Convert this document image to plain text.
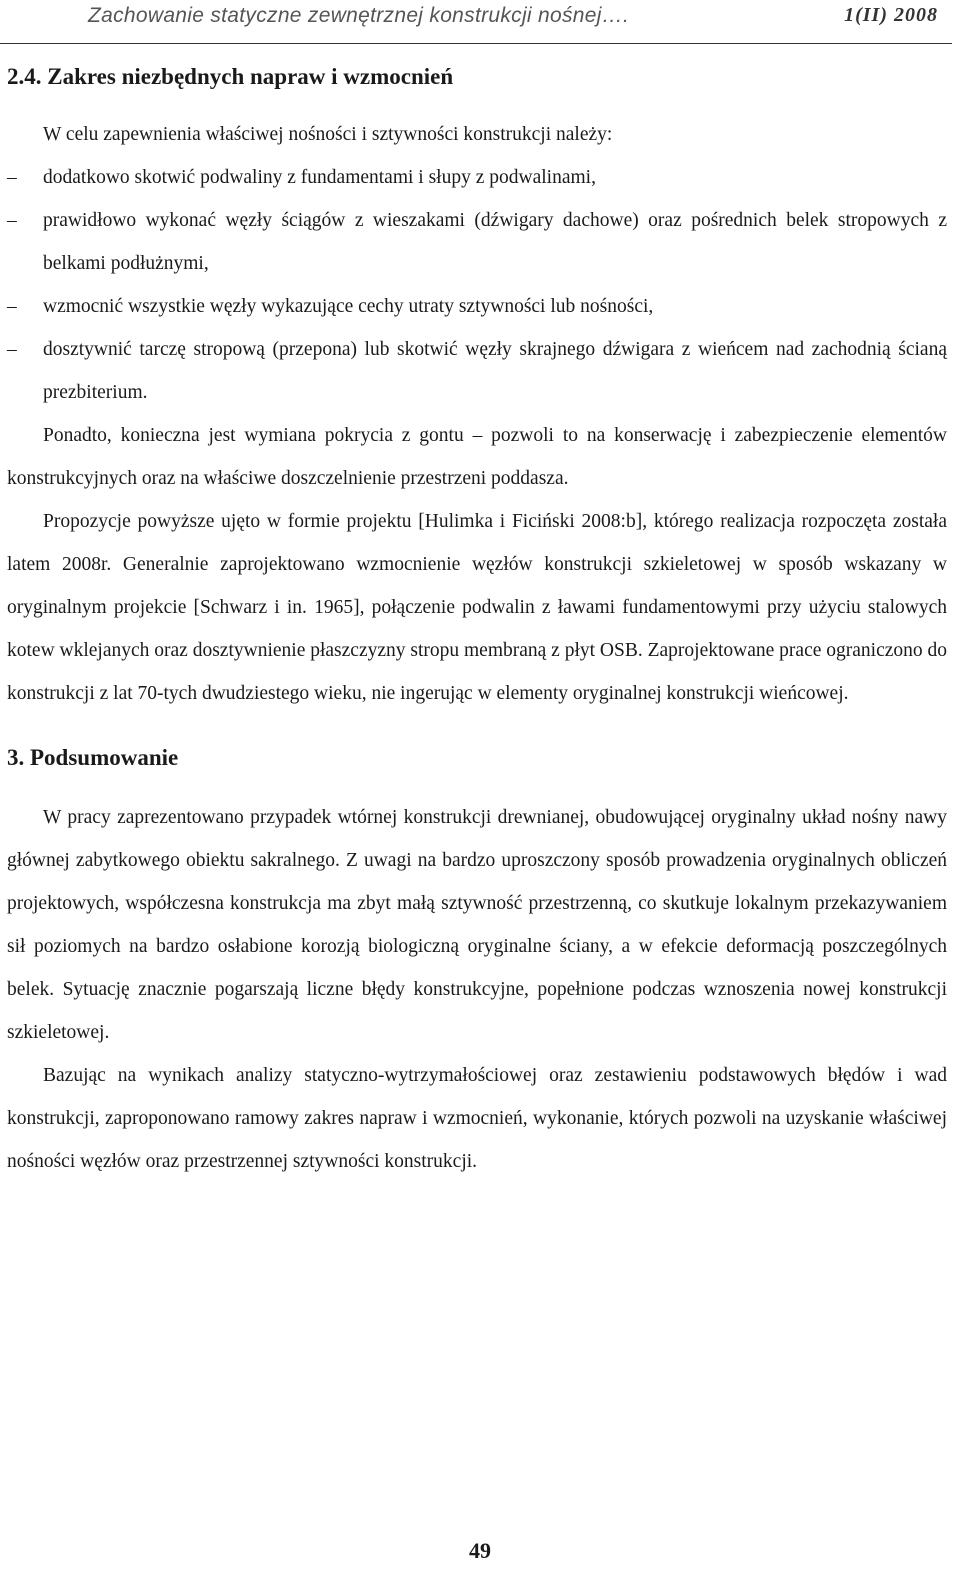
Zachowanie statyczne zewnętrznej konstrukcji nośnej….	1(II) 2008
2.4. Zakres niezbędnych napraw i wzmocnień

W celu zapewnienia właściwej nośności i sztywności konstrukcji należy:

– dodatkowo skotwić podwaliny z fundamentami i słupy z podwalinami,
– prawidłowo wykonać węzły ściągów z wieszakami (dźwigary dachowe) oraz pośrednich belek stropowych z belkami podłużnymi,
– wzmocnić wszystkie węzły wykazujące cechy utraty sztywności lub nośności,
– dosztywnić tarczę stropową (przepona) lub skotwić węzły skrajnego dźwigara z wieńcem nad zachodnią ścianą prezbiterium.

Ponadto, konieczna jest wymiana pokrycia z gontu – pozwoli to na konserwację i zabezpieczenie elementów konstrukcyjnych oraz na właściwe doszczelnienie przestrzeni poddasza.

Propozycje powyższe ujęto w formie projektu [Hulimka i Ficiński 2008:b], którego realizacja rozpoczęta została latem 2008r. Generalnie zaprojektowano wzmocnienie węzłów konstrukcji szkieletowej w sposób wskazany w oryginalnym projekcie [Schwarz i in. 1965], połączenie podwalin z ławami fundamentowymi przy użyciu stalowych kotew wklejanych oraz dosztywnienie płaszczyzny stropu membraną z płyt OSB. Zaprojektowane prace ograniczono do konstrukcji z lat 70-tych dwudziestego wieku, nie ingerując w elementy oryginalnej konstrukcji wieńcowej.

3. Podsumowanie

W pracy zaprezentowano przypadek wtórnej konstrukcji drewnianej, obudowującej oryginalny układ nośny nawy głównej zabytkowego obiektu sakralnego. Z uwagi na bardzo uproszczony sposób prowadzenia oryginalnych obliczeń projektowych, współczesna konstrukcja ma zbyt małą sztywność przestrzenną, co skutkuje lokalnym przekazywaniem sił poziomych na bardzo osłabione korozją biologiczną oryginalne ściany, a w efekcie deformacją poszczególnych belek. Sytuację znacznie pogarszają liczne błędy konstrukcyjne, popełnione podczas wznoszenia nowej konstrukcji szkieletowej.

Bazując na wynikach analizy statyczno-wytrzymałościowej oraz zestawieniu podstawowych błędów i wad konstrukcji, zaproponowano ramowy zakres napraw i wzmocnień, wykonanie, których pozwoli na uzyskanie właściwej nośności węzłów oraz przestrzennej sztywności konstrukcji.

49
